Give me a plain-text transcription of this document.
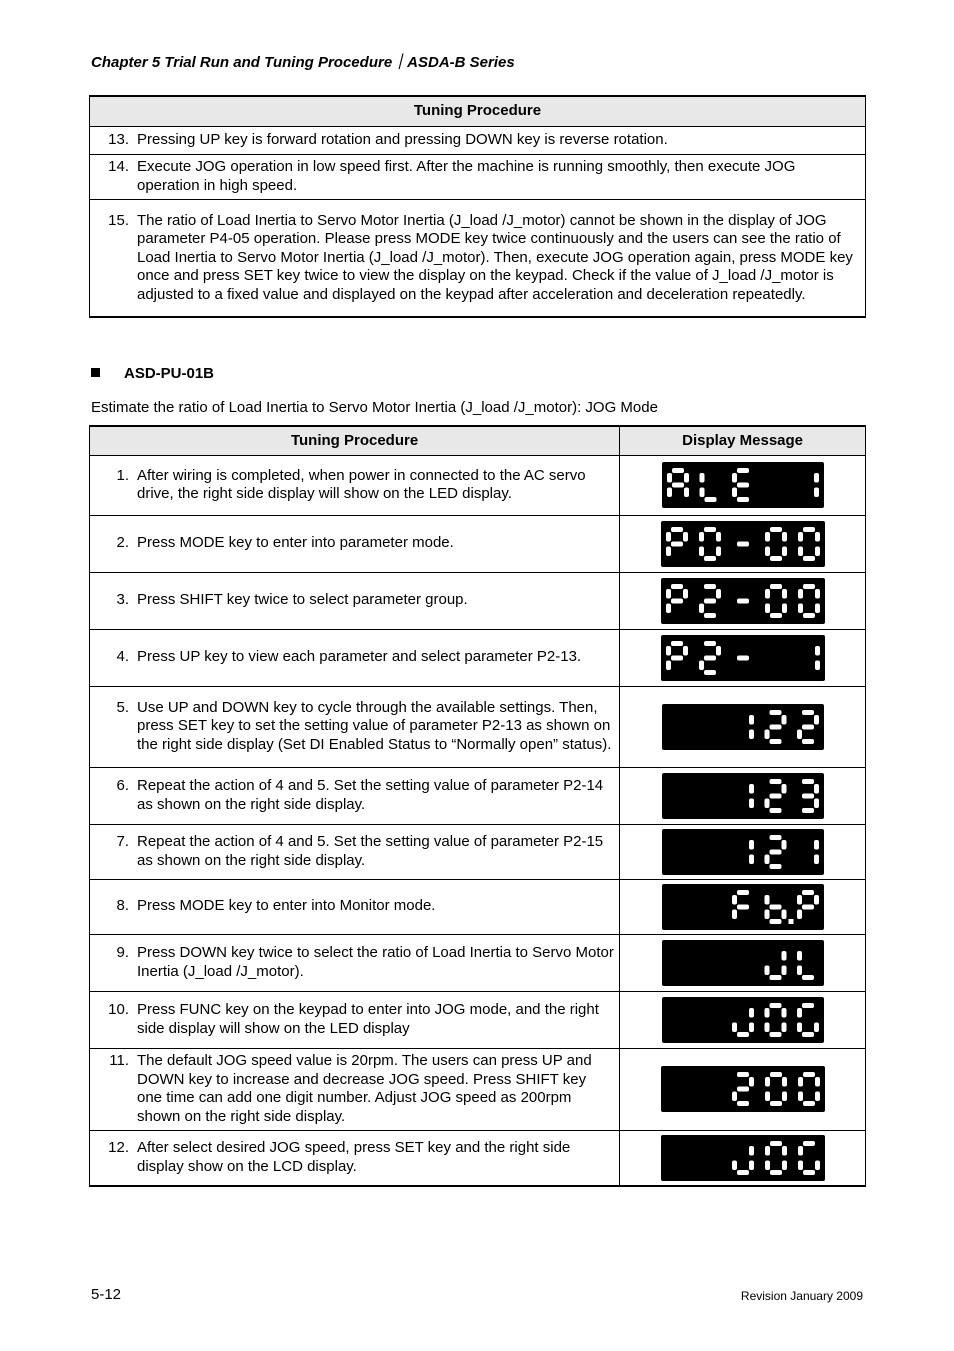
Chapter 5 Trial Run and Tuning Procedure｜ASDA-B Series
Tuning Procedure

13. Pressing UP key is forward rotation and pressing DOWN key is reverse rotation.

14. Execute JOG operation in low speed first. After the machine is running smoothly, then execute JOG operation in high speed.

15. The ratio of Load Inertia to Servo Motor Inertia (J_load /J_motor) cannot be shown in the display of JOG parameter P4-05 operation. Please press MODE key twice continuously and the users can see the ratio of Load Inertia to Servo Motor Inertia (J_load /J_motor). Then, execute JOG operation again, press MODE key once and press SET key twice to view the display on the keypad. Check if the value of J_load /J_motor is adjusted to a fixed value and displayed on the keypad after acceleration and deceleration repeatedly.
ASD-PU-01B
Estimate the ratio of Load Inertia to Servo Motor Inertia (J_load /J_motor): JOG Mode
Tuning Procedure	Display Message

1. After wiring is completed, when power in connected to the AC servo drive, the right side display will show on the LED display.

2. Press MODE key to enter into parameter mode.

3. Press SHIFT key twice to select parameter group.

4. Press UP key to view each parameter and select parameter P2-13.

5. Use UP and DOWN key to cycle through the available settings. Then, press SET key to set the setting value of parameter P2-13 as shown on the right side display (Set DI Enabled Status to “Normally open” status).

6. Repeat the action of 4 and 5. Set the setting value of parameter P2-14 as shown on the right side display.

7. Repeat the action of 4 and 5. Set the setting value of parameter P2-15 as shown on the right side display.

8. Press MODE key to enter into Monitor mode.

9. Press DOWN key twice to select the ratio of Load Inertia to Servo Motor Inertia (J_load /J_motor).

10. Press FUNC key on the keypad to enter into JOG mode, and the right side display will show on the LED display

11. The default JOG speed value is 20rpm. The users can press UP and DOWN key to increase and decrease JOG speed. Press SHIFT key one time can add one digit number. Adjust JOG speed as 200rpm shown on the right side display.

12. After select desired JOG speed, press SET key and the right side display show on the LCD display.

5-12	Revision January 2009
